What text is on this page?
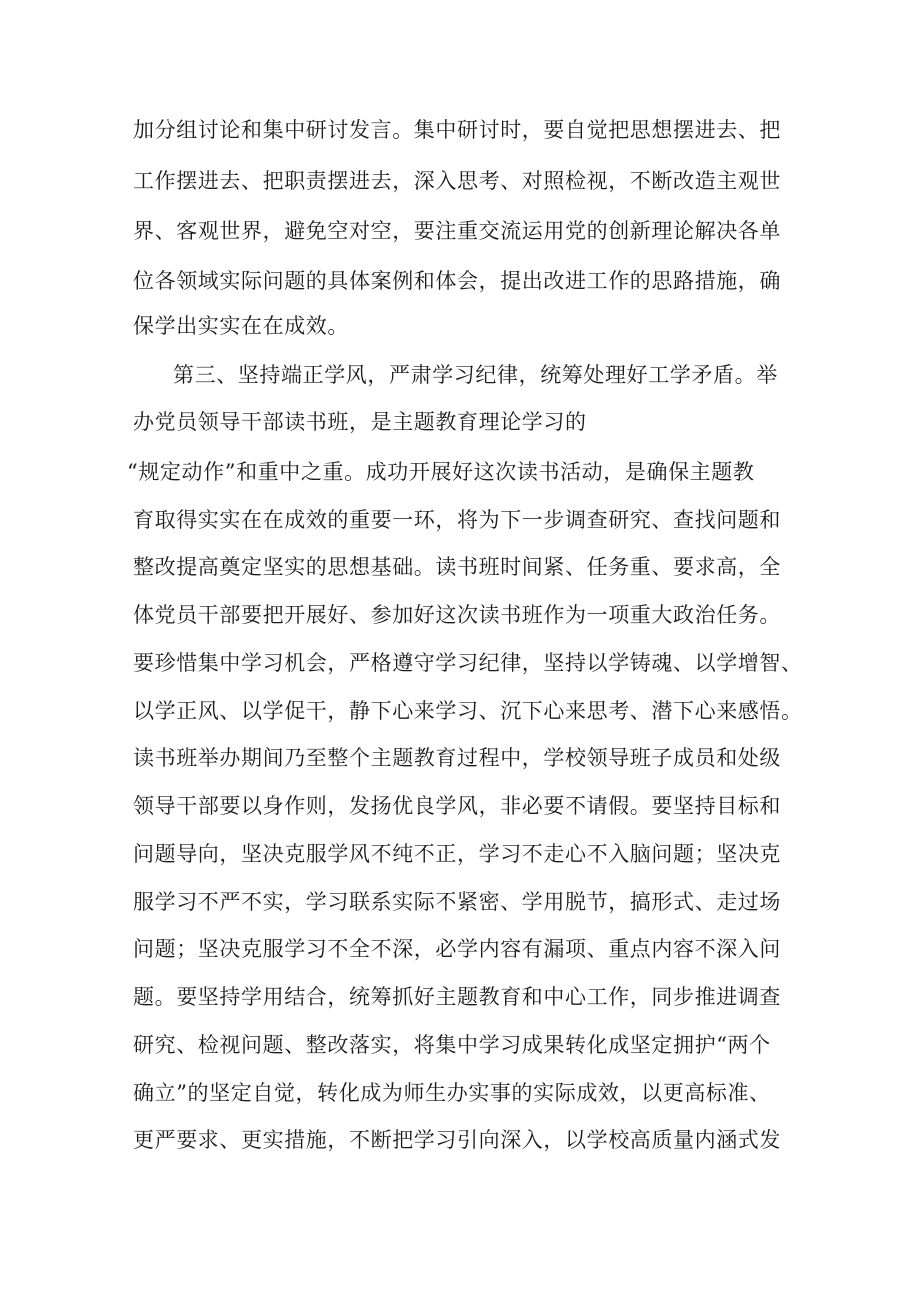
加分组讨论和集中研讨发言。集中研讨时，要自觉把思想摆进去、把
工作摆进去、把职责摆进去，深入思考、对照检视，不断改造主观世
界、客观世界，避免空对空，要注重交流运用党的创新理论解决各单
位各领域实际问题的具体案例和体会，提出改进工作的思路措施，确
保学出实实在在成效。
第三、坚持端正学风，严肃学习纪律，统筹处理好工学矛盾。举
办党员领导干部读书班，是主题教育理论学习的
“规定动作”和重中之重。成功开展好这次读书活动，是确保主题教
育取得实实在在成效的重要一环，将为下一步调查研究、查找问题和
整改提高奠定坚实的思想基础。读书班时间紧、任务重、要求高，全
体党员干部要把开展好、参加好这次读书班作为一项重大政治任务。
要珍惜集中学习机会，严格遵守学习纪律，坚持以学铸魂、以学增智、
以学正风、以学促干，静下心来学习、沉下心来思考、潜下心来感悟。
读书班举办期间乃至整个主题教育过程中，学校领导班子成员和处级
领导干部要以身作则，发扬优良学风，非必要不请假。要坚持目标和
问题导向，坚决克服学风不纯不正，学习不走心不入脑问题；坚决克
服学习不严不实，学习联系实际不紧密、学用脱节，搞形式、走过场
问题；坚决克服学习不全不深，必学内容有漏项、重点内容不深入问
题。要坚持学用结合，统筹抓好主题教育和中心工作，同步推进调查
研究、检视问题、整改落实，将集中学习成果转化成坚定拥护“两个
确立”的坚定自觉，转化成为师生办实事的实际成效，以更高标准、
更严要求、更实措施，不断把学习引向深入，以学校高质量内涵式发
